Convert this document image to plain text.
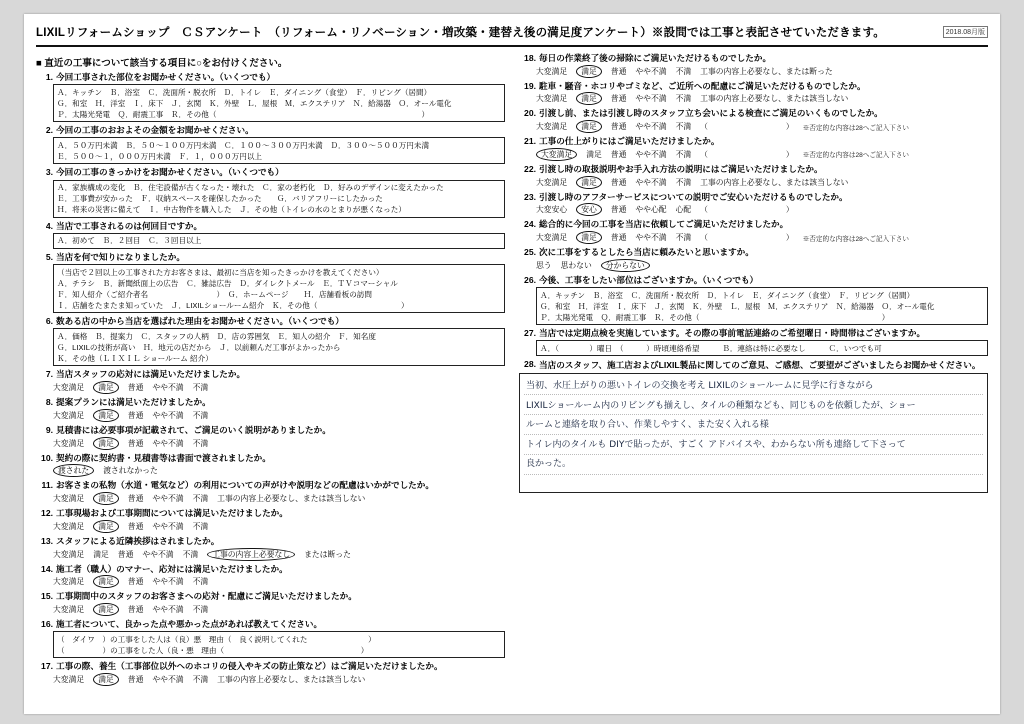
LIXILリフォームショップ　ＣＳアンケート　（リフォーム・リノベーション・増改築・建替え後の満足度アンケート）※設問では工事と表記させていただきます。	2018.08月版
■ 直近の工事について該当する項目に○をお付けください。
1. 今回工事された部位をお聞かせください。（いくつでも）
Ａ．キッチン　Ｂ．浴室　Ｃ．洗面所・脱衣所　Ｄ．トイレ　Ｅ．ダイニング（食堂）　Ｆ．リビング（居間）
Ｇ．和室　Ｈ．洋室　Ｉ．床下　Ｊ．玄関　Ｋ．外壁　Ｌ．屋根　Ｍ．エクステリア　Ｎ．給湯器　Ｏ．オール電化
Ｐ．太陽光発電　Ｑ．耐震工事　Ｒ．その他（　　　　　　　　　　　　　　　　　　　　　　　　　　　）
2. 今回の工事のおおよその金額をお聞かせください。
Ａ．５０万円未満　Ｂ．５０〜１００万円未満　Ｃ．１００〜３００万円未満　Ｄ．３００〜５００万円未満
Ｅ．５００〜１，０００万円未満　Ｆ．１，０００万円以上
3. 今回の工事のきっかけをお聞かせください。（いくつでも）
Ａ．家族構成の変化　Ｂ．住宅設備が古くなった・壊れた　Ｃ．家の老朽化　Ｄ．好みのデザインに変えたかった
Ｅ．工事費が安かった　Ｆ．収納スペースを確保したかった　　Ｇ．バリアフリーにしたかった
Ｈ．将来の災害に備えて　Ｉ．中古物件を購入した　Ｊ．その他（トイレの水のとまりが悪くなった）
4. 当店で工事されるのは何回目ですか。
Ａ．初めて　Ｂ．２回目　Ｃ．３回目以上
5. 当店を何で知りになりましたか。
（当店で２回以上の工事された方お客さまは、最初に当店を知ったきっかけを教えてください）
Ａ．チラシ　Ｂ．新聞紙面上の広告　Ｃ．雑誌広告　Ｄ．ダイレクトメール　Ｅ．ＴＶコマーシャル
Ｆ．知人紹介（ご紹介者名　　　　　　　　　）　Ｇ．ホームページ　　Ｈ．店舗看板の訪問
Ｉ．店舗をたまたま知っていた　Ｊ．LIXILショールーム紹介　Ｋ．その他（　　　　　　　　　　　）
6. 数ある店の中から当店を選ばれた理由をお聞かせください。（いくつでも）
Ａ．価格　Ｂ．提案力　Ｃ．スタッフの人柄　Ｄ．店の雰囲気　Ｅ．知人の紹介　Ｆ．知名度
Ｇ．LIXILの技術が高い　Ｈ．地元の店だから　Ｊ．以前頼んだ工事がよかったから
Ｋ．その他（ＬＩＸＩＬ ショールーム 紹介）
7. 当店スタッフの応対には満足いただけましたか。
大変満足	満足	普通 やや不満 不満
8. 提案プランには満足いただけましたか。
大変満足	満足	普通 やや不満 不満
9. 見積書には必要事項が記載されて、ご満足のいく説明がありましたか。
大変満足	満足	普通 やや不満 不満
10. 契約の際に契約書・見積書等は書面で渡されましたか。
渡された	渡されなかった
11. お客さまの私物（水道・電気など）の利用についての声がけや説明などの配慮はいかがでしたか。
大変満足	満足	普通 やや不満 不満 工事の内容上必要なし、または該当しない
12. 工事現場および工事期間については満足いただけましたか。
大変満足	満足	普通 やや不満 不満
13. スタッフによる近隣挨拶はされましたか。
大変満足 満足 普通 やや不満 不満	工事の内容上必要なし	または断った
14. 施工者（職人）のマナー、応対には満足いただけましたか。
大変満足	満足	普通 やや不満 不満
15. 工事期間中のスタッフのお客さまへの応対・配慮にご満足いただけましたか。
大変満足	満足	普通 やや不満 不満
16. 施工者について、良かった点や悪かった点があれば教えてください。
（　ダイワ　）の工事をした人は（良）悪　理由（　良く説明してくれた　　　　　　　　）
（　　　　　）の工事をした人（良・悪　理由（　　　　　　　　　　　　　　　　　　）
17. 工事の際、養生（工事部位以外へのホコリの侵入やキズの防止策など）はご満足いただけましたか。
大変満足	満足	普通 やや不満 不満 工事の内容上必要なし、または該当しない
18. 毎日の作業終了後の掃除にご満足いただけるものでしたか。
大変満足	満足	普通 やや不満 不満 工事の内容上必要なし、または断った
19. 駐車・騒音・ホコリやゴミなど、ご近所への配慮にご満足いただけるものでしたか。
大変満足	満足	普通 やや不満 不満 工事の内容上必要なし、または該当しない
20. 引渡し前、または引渡し時のスタッフ立ち会いによる検査にご満足のいくものでしたか。
大変満足	満足	普通 やや不満 不満 （　　　　　　　　　　） ※否定的な内容は28へご記入下さい
21. 工事の仕上がりにはご満足いただけましたか。
大変満足	満足 普通 やや不満 不満 （　　　　　　　　　　） ※否定的な内容は28へご記入下さい
22. 引渡し時の取扱説明やお手入れ方法の説明にはご満足いただけましたか。
大変満足	満足	普通 やや不満 不満 工事の内容上必要なし、または該当しない
23. 引渡し時のアフターサービスについての説明でご安心いただけるものでしたか。
大変安心	安心	普通 やや心配 心配 （　　　　　　　　　　）
24. 総合的に今回の工事を当店に依頼してご満足いただけましたか。
大変満足	満足	普通 やや不満 不満 （　　　　　　　　　　） ※否定的な内容は28へご記入下さい
25. 次に工事をするとしたら当店に頼みたいと思いますか。
思う 思わない	分からない
26. 今後、工事をしたい部位はございますか。（いくつでも）
Ａ．キッチン　Ｂ．浴室　Ｃ．洗面所・脱衣所　Ｄ．トイレ　Ｅ．ダイニング（食堂）　Ｆ．リビング（居間）
Ｇ．和室　Ｈ．洋室　Ｉ．床下　Ｊ．玄関　Ｋ．外壁　Ｌ．屋根　Ｍ．エクステリア　Ｎ．給湯器　Ｏ．オール電化
Ｐ．太陽光発電　Ｑ．耐震工事　Ｒ．その他（　　　　　　　　　　　　　　　　　　　　　　　　）
27. 当店では定期点検を実施しています。その際の事前電話連絡のご希望曜日・時間帯はございますか。
Ａ．（　　　　）曜日　（　　　）時頃連絡希望　　　Ｂ．連絡は特に必要なし　　　Ｃ．いつでも可
28. 当店のスタッフ、施工店およびLIXIL製品に関してのご意見、ご感想、ご要望がございましたらお聞かせください。
当初、水圧上がりの悪いトイレの交換を考え LIXILのショールームに見学に行きながら
LIXILショールーム内のリビングも揃えし、タイルの種類なども、同じものを依頼したが、ショー
ルームと連絡を取り合い、作業しやすく、また安く入れる様
トイレ内のタイルも DIYで貼ったが、すごく アドバイスや、わからない所も連絡して下さって
良かった。
